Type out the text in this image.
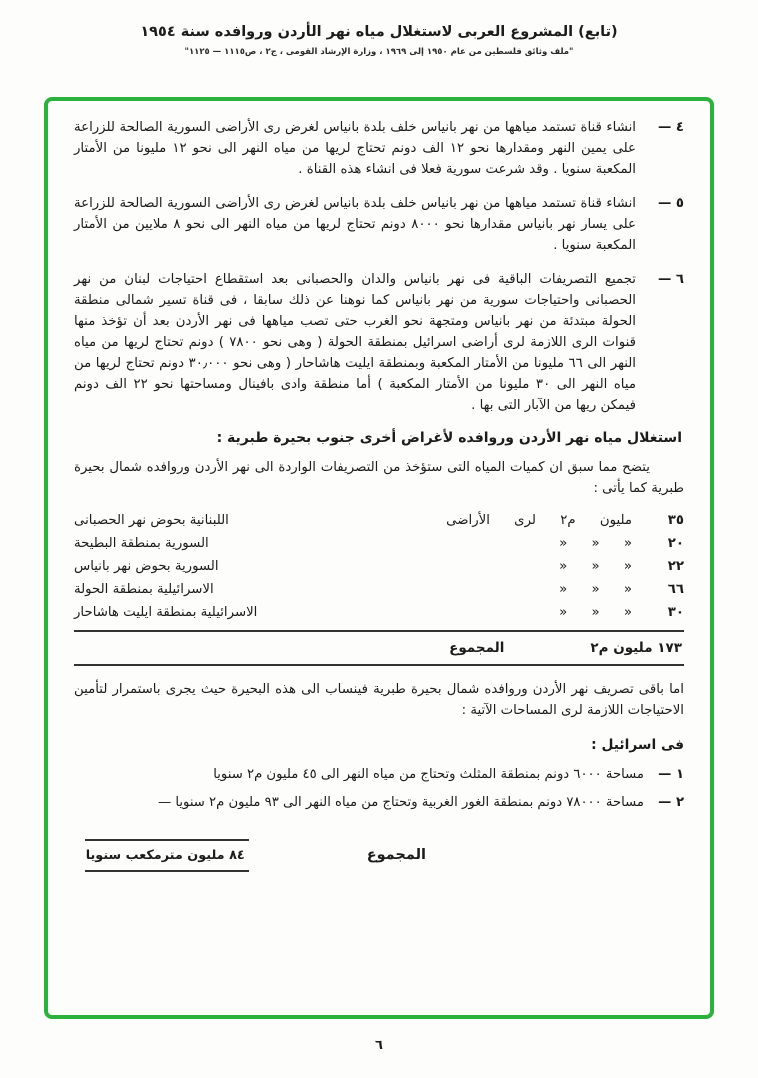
(تابع) المشروع العربى لاستغلال مياه نهر الأردن وروافده سنة ١٩٥٤
"ملف وثائق فلسطين من عام ١٩٥٠ إلى ١٩٦٩ ، وزارة الإرشاد القومى ، ج٢ ، ص١١١٥ — ١١٢٥"
٤ —
انشاء قناة تستمد مياهها من نهر بانياس خلف بلدة بانياس لغرض رى الأراضى السورية الصالحة للزراعة على يمين النهر ومقدارها نحو ١٢ الف دونم تحتاج لريها من مياه النهر الى نحو ١٢ مليونا من الأمتار المكعبة سنويا . وقد شرعت سورية فعلا فى انشاء هذه القناة .
٥ —
انشاء قناة تستمد مياهها من نهر بانياس خلف بلدة بانياس لغرض رى الأراضى السورية الصالحة للزراعة على يسار نهر بانياس مقدارها نحو ٨٠٠٠ دونم تحتاج لريها من مياه النهر الى نحو ٨ ملايين من الأمتار المكعبة سنويا .
٦ —
تجميع التصريفات الباقية فى نهر بانياس والدان والحصبانى بعد استقطاع احتياجات لبنان من نهر الحصبانى واحتياجات سورية من نهر بانياس كما نوهنا عن ذلك سابقا ، فى قناة تسير شمالى منطقة الحولة مبتدئة من نهر بانياس ومتجهة نحو الغرب حتى تصب مياهها فى نهر الأردن بعد أن تؤخذ منها قنوات الرى اللازمة لرى أراضى اسرائيل بمنطقة الحولة ( وهى نحو ٧٨٠٠ ) دونم تحتاج لريها من مياه النهر الى ٦٦ مليونا من الأمتار المكعبة وبمنطقة ايليت هاشاحار ( وهى نحو ٣٠٫٠٠٠ دونم تحتاج لريها من مياه النهر الى ٣٠ مليونا من الأمتار المكعبة ) أما منطقة وادى بافينال ومساحتها نحو ٢٢ الف دونم فيمكن ريها من الآبار التى بها .
استغلال مياه نهر الأردن وروافده لأغراض أخرى جنوب بحيرة طبرية :
يتضح مما سبق ان كميات المياه التى ستؤخذ من التصريفات الواردة الى نهر الأردن وروافده شمال بحيرة طبرية كما يأتى :
٣٥
مليون م٢ لرى الأراضى
اللبنانية بحوض نهر الحصبانى
٢٠
« « «
السورية بمنطقة البطيحة
٢٢
« « «
السورية بحوض نهر بانياس
٦٦
« « «
الاسرائيلية بمنطقة الحولة
٣٠
« « «
الاسرائيلية بمنطقة ايليت هاشاحار
١٧٣ مليون م٢
المجموع
اما باقى تصريف نهر الأردن وروافده شمال بحيرة طبرية فينساب الى هذه البحيرة حيث يجرى باستمرار لتأمين الاحتياجات اللازمة لرى المساحات الآتية :
فى اسرائيل :
١ —
مساحة ٦٠٠٠ دونم بمنطقة المثلث وتحتاج من مياه النهر الى ٤٥ مليون م٢ سنويا
٢ —
مساحة ٧٨٠٠٠ دونم بمنطقة الغور الغربية وتحتاج من مياه النهر الى ٩٣ مليون م٢ سنويا —
المجموع
٨٤ مليون مترمكعب سنويا
٦
